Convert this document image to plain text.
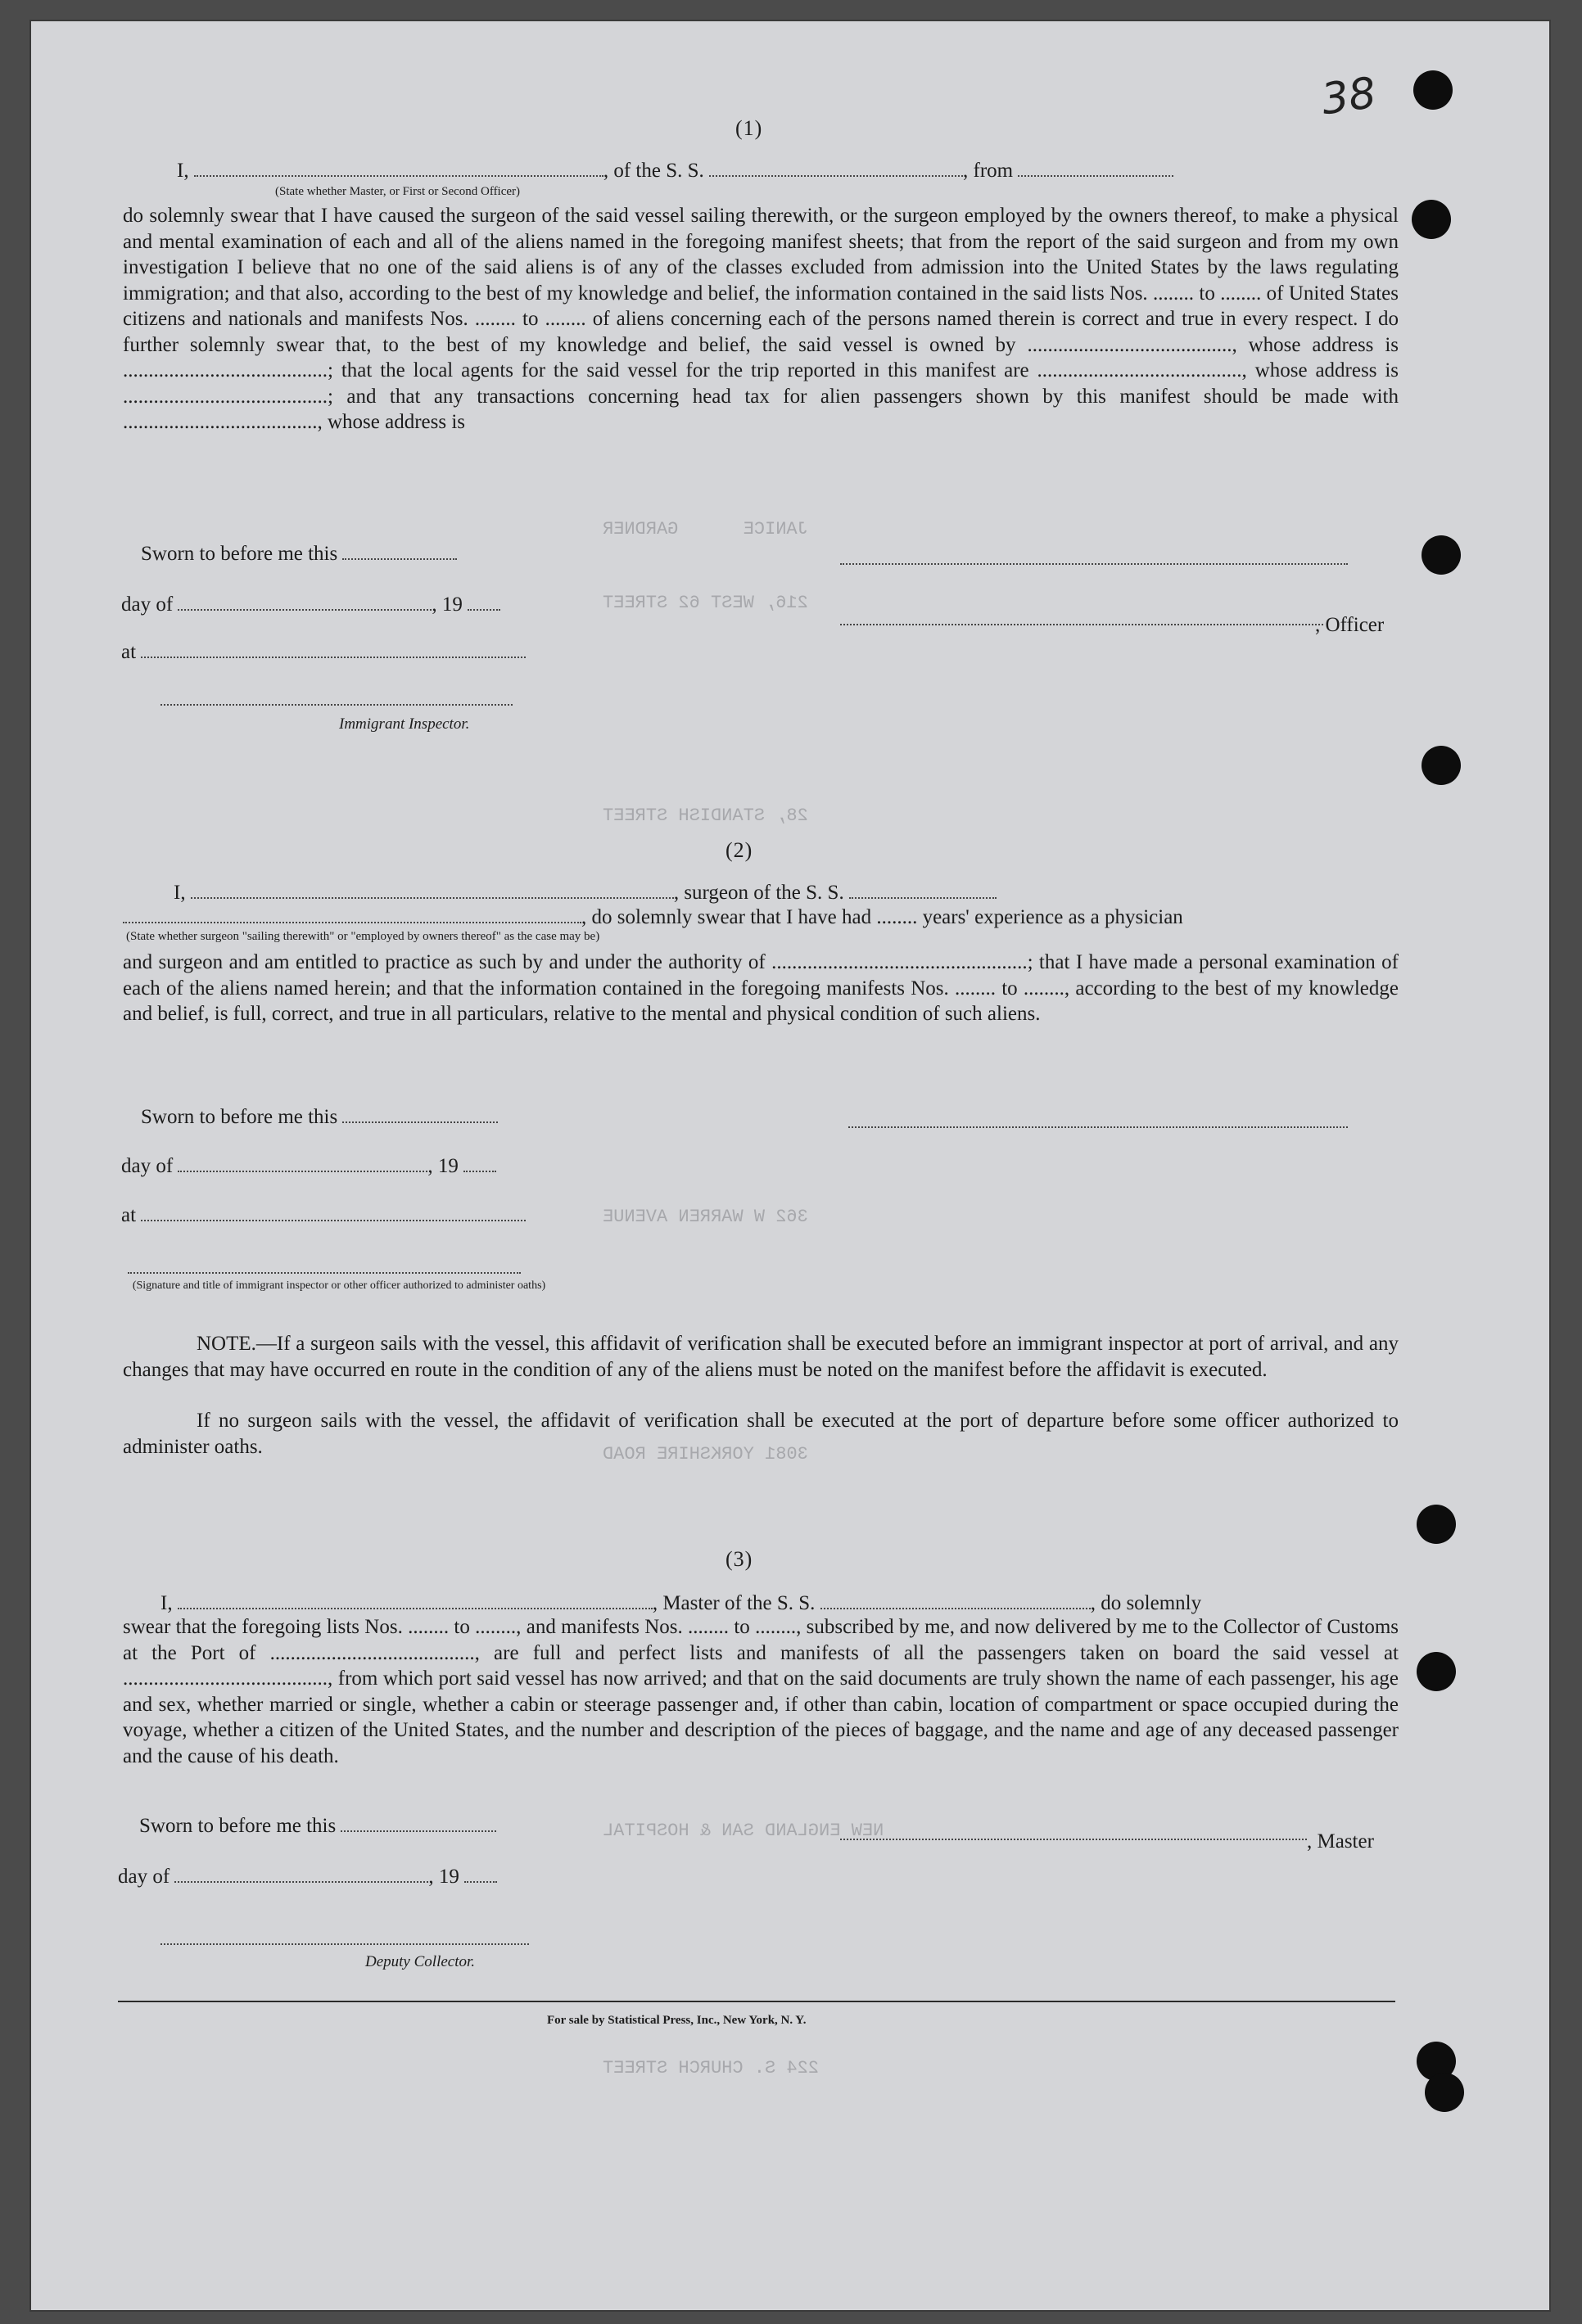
38
JANICE      GARDNER
216, WEST 62 STREET
28, STANDISH STREET
362 W WARREN AVENUE
3081 YORKSHIRE ROAD
NEW ENGLAND SAN & HOSPITAL
224 S. CHURCH STREET
(1)
I,	, of the S. S.	, from
(State whether Master, or First or Second Officer)
do solemnly swear that I have caused the surgeon of the said vessel sailing therewith, or the surgeon employed by the owners thereof, to make a physical and mental examination of each and all of the aliens named in the foregoing manifest sheets; that from the report of the said surgeon and from my own investigation I believe that no one of the said aliens is of any of the classes excluded from admission into the United States by the laws regulating immigration; and that also, according to the best of my knowledge and belief, the information contained in the said lists Nos. ........ to ........ of United States citizens and nationals and manifests Nos. ........ to ........ of aliens concerning each of the persons named therein is correct and true in every respect. I do further solemnly swear that, to the best of my knowledge and belief, the said vessel is owned by ........................................, whose address is ........................................; that the local agents for the said vessel for the trip reported in this manifest are ........................................, whose address is ........................................; and that any transactions concerning head tax for alien passengers shown by this manifest should be made with ......................................, whose address is
Sworn to before me this
day of	, 19
, Officer
at
Immigrant Inspector.
(2)
I,	, surgeon of the S. S.
, do solemnly swear that I have had ........ years' experience as a physician
(State whether surgeon "sailing therewith" or "employed by owners thereof" as the case may be)
and surgeon and am entitled to practice as such by and under the authority of ..................................................; that I have made a personal examination of each of the aliens named herein; and that the information contained in the foregoing manifests Nos. ........ to ........, according to the best of my knowledge and belief, is full, correct, and true in all particulars, relative to the mental and physical condition of such aliens.
Sworn to before me this
day of	, 19
at
(Signature and title of immigrant inspector or other officer authorized to administer oaths)
NOTE.—If a surgeon sails with the vessel, this affidavit of verification shall be executed before an immigrant inspector at port of arrival, and any changes that may have occurred en route in the condition of any of the aliens must be noted on the manifest before the affidavit is executed.
If no surgeon sails with the vessel, the affidavit of verification shall be executed at the port of departure before some officer authorized to administer oaths.
(3)
I,	, Master of the S. S.	, do solemnly
swear that the foregoing lists Nos. ........ to ........, and manifests Nos. ........ to ........, subscribed by me, and now delivered by me to the Collector of Customs at the Port of ........................................, are full and perfect lists and manifests of all the passengers taken on board the said vessel at ........................................, from which port said vessel has now arrived; and that on the said documents are truly shown the name of each passenger, his age and sex, whether married or single, whether a cabin or steerage passenger and, if other than cabin, location of compartment or space occupied during the voyage, whether a citizen of the United States, and the number and description of the pieces of baggage, and the name and age of any deceased passenger and the cause of his death.
Sworn to before me this
, Master
day of	, 19
Deputy Collector.
For sale by Statistical Press, Inc., New York, N. Y.
